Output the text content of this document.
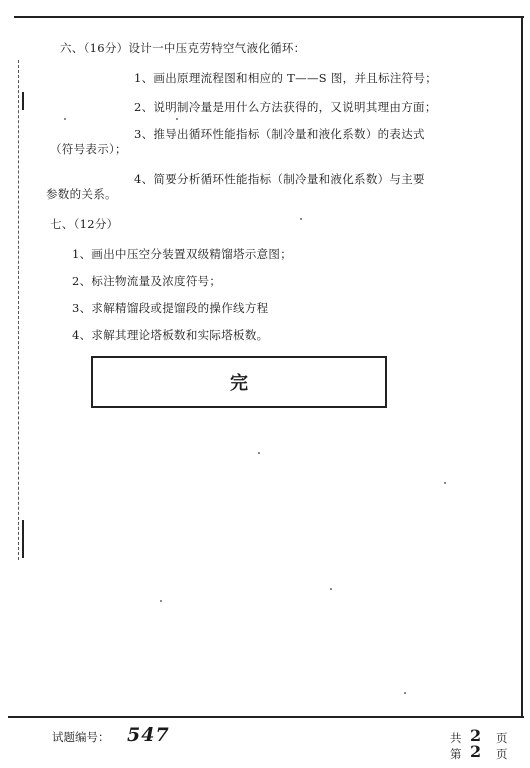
六、（16分）设计一中压克劳特空气液化循环：
1、画出原理流程图和相应的 T——S 图，并且标注符号；
2、说明制冷量是用什么方法获得的，又说明其理由方面；
3、推导出循环性能指标（制冷量和液化系数）的表达式
（符号表示）；
4、简要分析循环性能指标（制冷量和液化系数）与主要
参数的关系。
七、（12分）
1、画出中压空分装置双级精馏塔示意图；
2、标注物流量及浓度符号；
3、求解精馏段或提馏段的操作线方程
4、求解其理论塔板数和实际塔板数。
完
试题编号： 547	共 2 页
第 2 页
